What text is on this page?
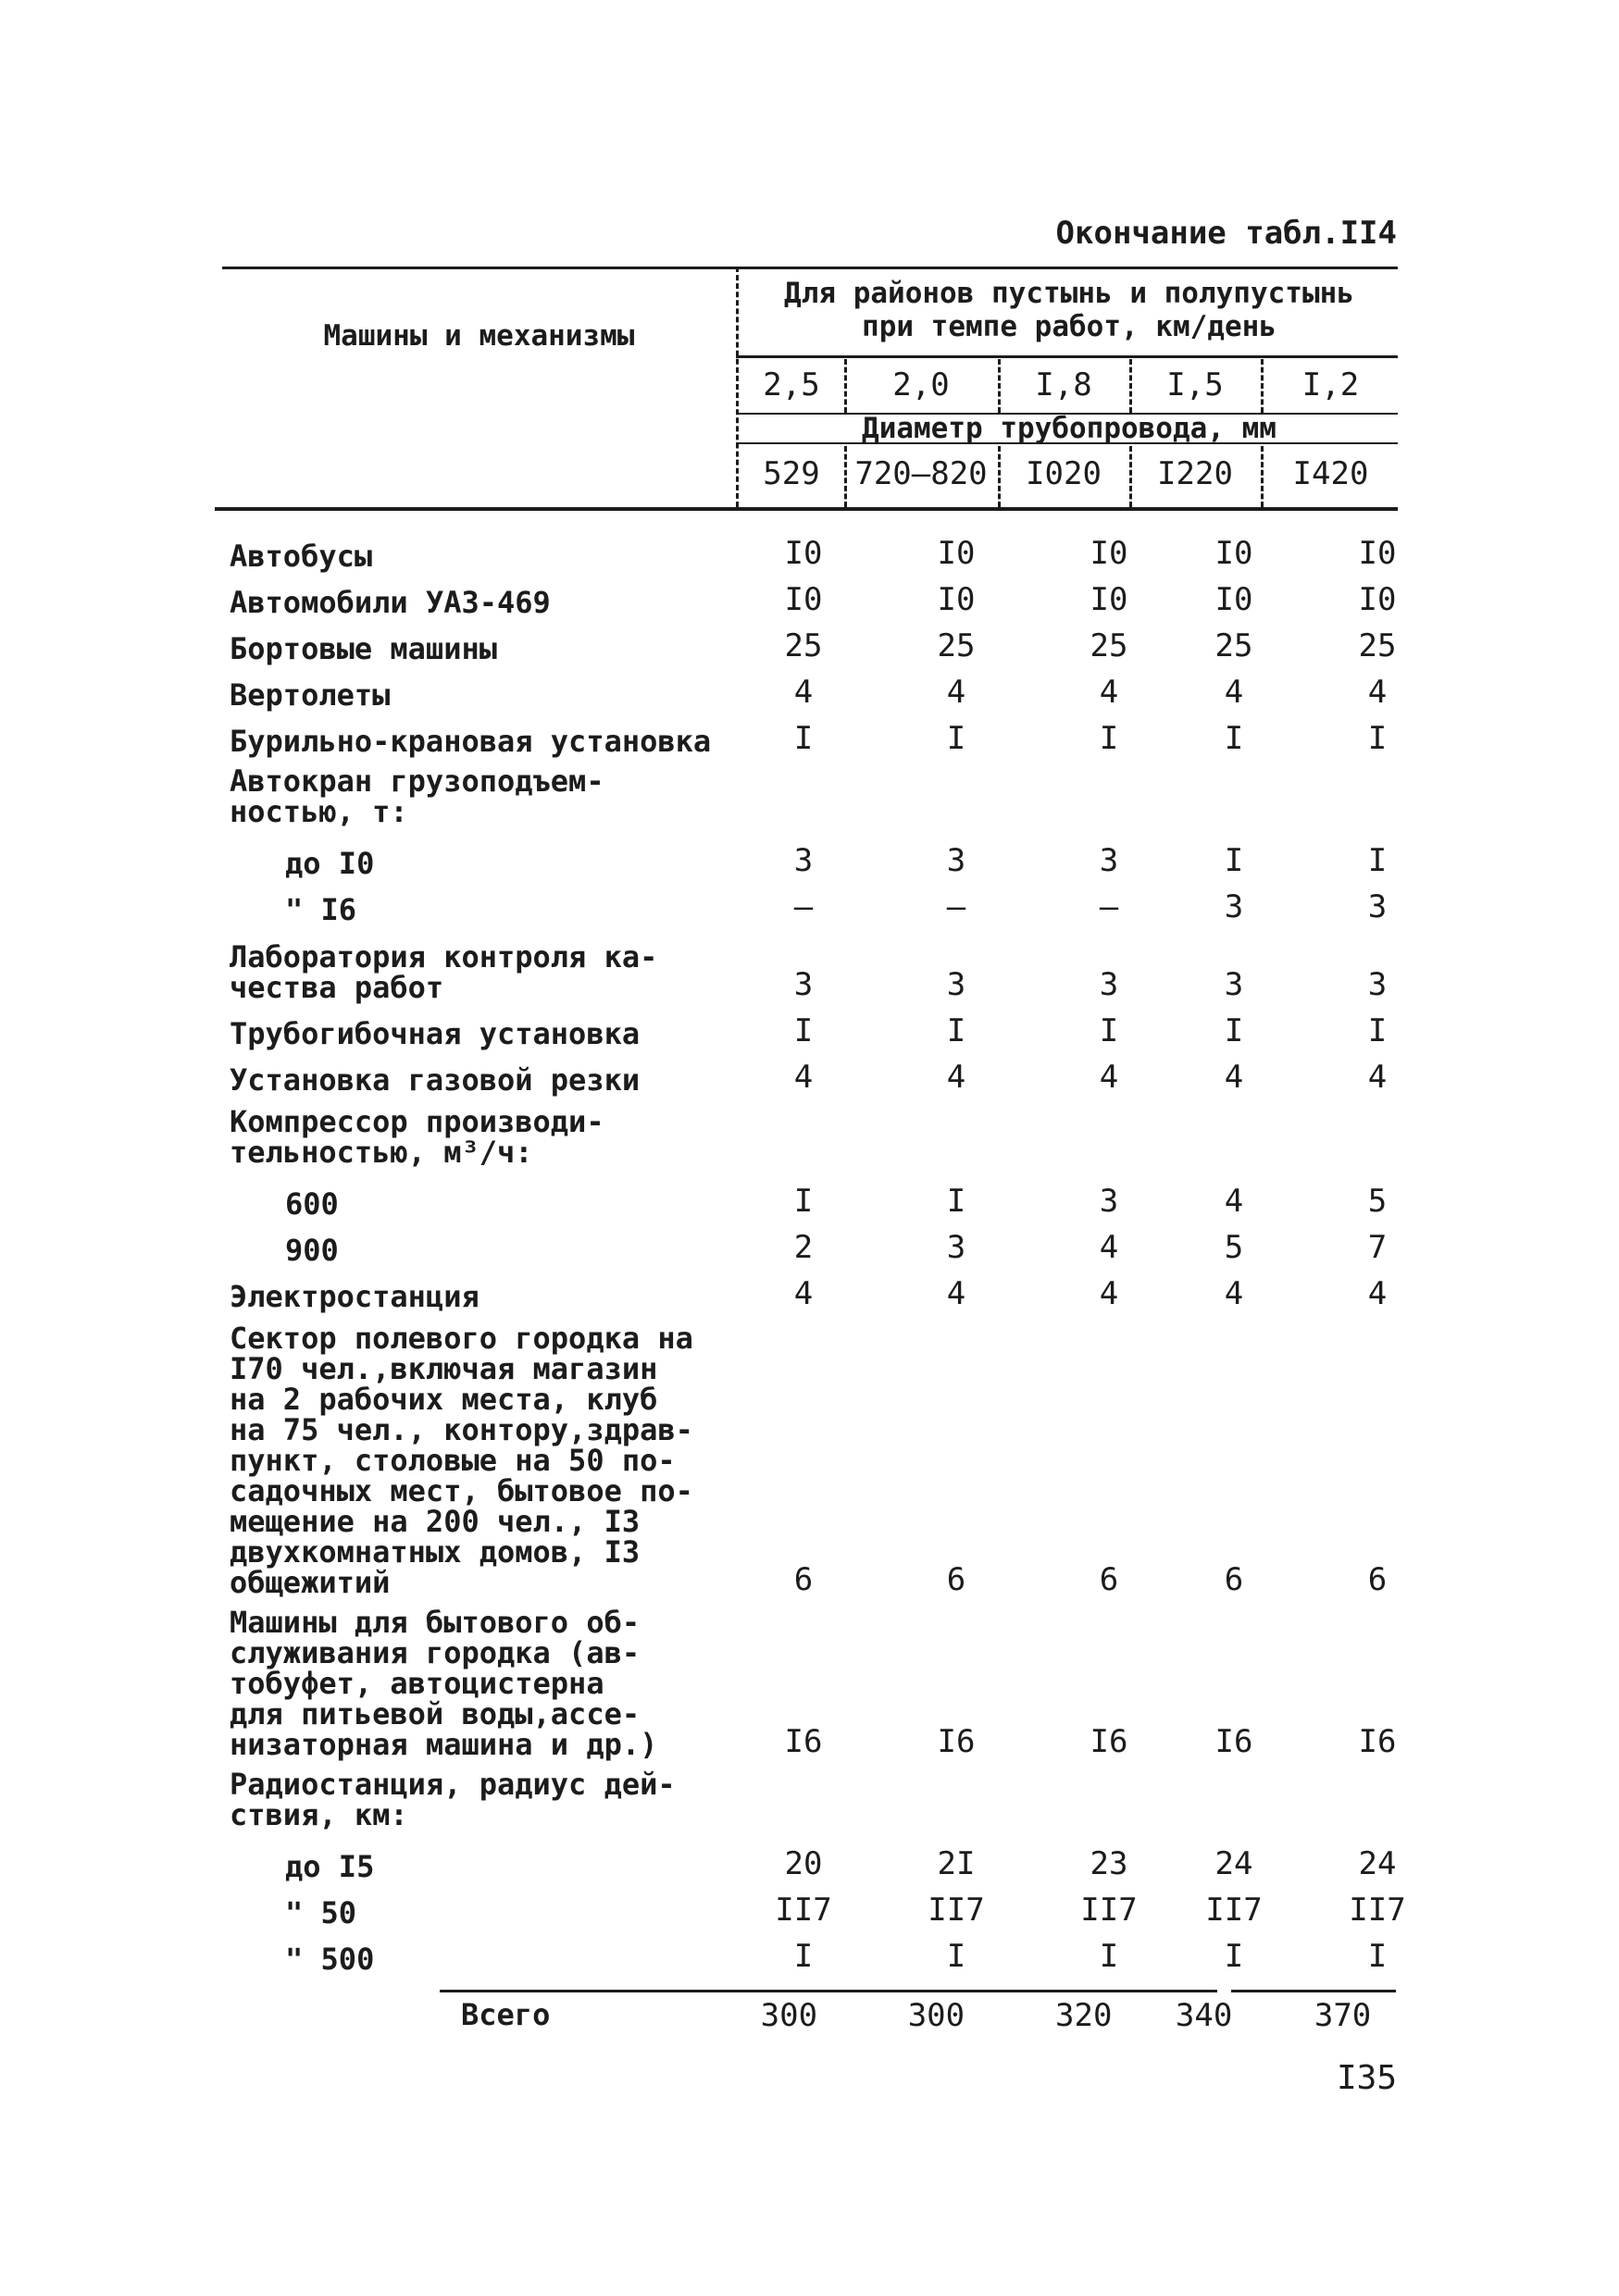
Окончание табл.II4
Машины и механизмы
Для районов пустынь и полупустынь
при темпе работ, км/день
2,5	2,0	I,8	I,5	I,2
Диаметр трубопровода, мм
529	720–820	I020	I220	I420
Автобусы	I0	I0	I0	I0	I0
Автомобили УАЗ-469	I0	I0	I0	I0	I0
Бортовые машины	25	25	25	25	25
Вертолеты	4	4	4	4	4
Бурильно-крановая установка	I	I	I	I	I
Автокран грузоподъем-
ностью, т:
до I0	3	3	3	I	I
" I6	–	–	–	3	3
Лаборатория контроля ка-
чества работ	3	3	3	3	3
Трубогибочная установка	I	I	I	I	I
Установка газовой резки	4	4	4	4	4
Компрессор производи-
тельностью, м³/ч:
600	I	I	3	4	5
900	2	3	4	5	7
Электростанция	4	4	4	4	4
Сектор полевого городка на
I70 чел.,включая магазин
на 2 рабочих места, клуб
на 75 чел., контору,здрав-
пункт, столовые на 50 по-
садочных мест, бытовое по-
мещение на 200 чел., I3
двухкомнатных домов, I3
общежитий	6	6	6	6	6
Машины для бытового об-
служивания городка (ав-
тобуфет, автоцистерна
для питьевой воды,ассе-
низаторная машина и др.)	I6	I6	I6	I6	I6
Радиостанция, радиус дей-
ствия, км:
до I5	20	2I	23	24	24
" 50	II7	II7	II7	II7	II7
" 500	I	I	I	I	I
Всего	300	300	320	340	370
I35
